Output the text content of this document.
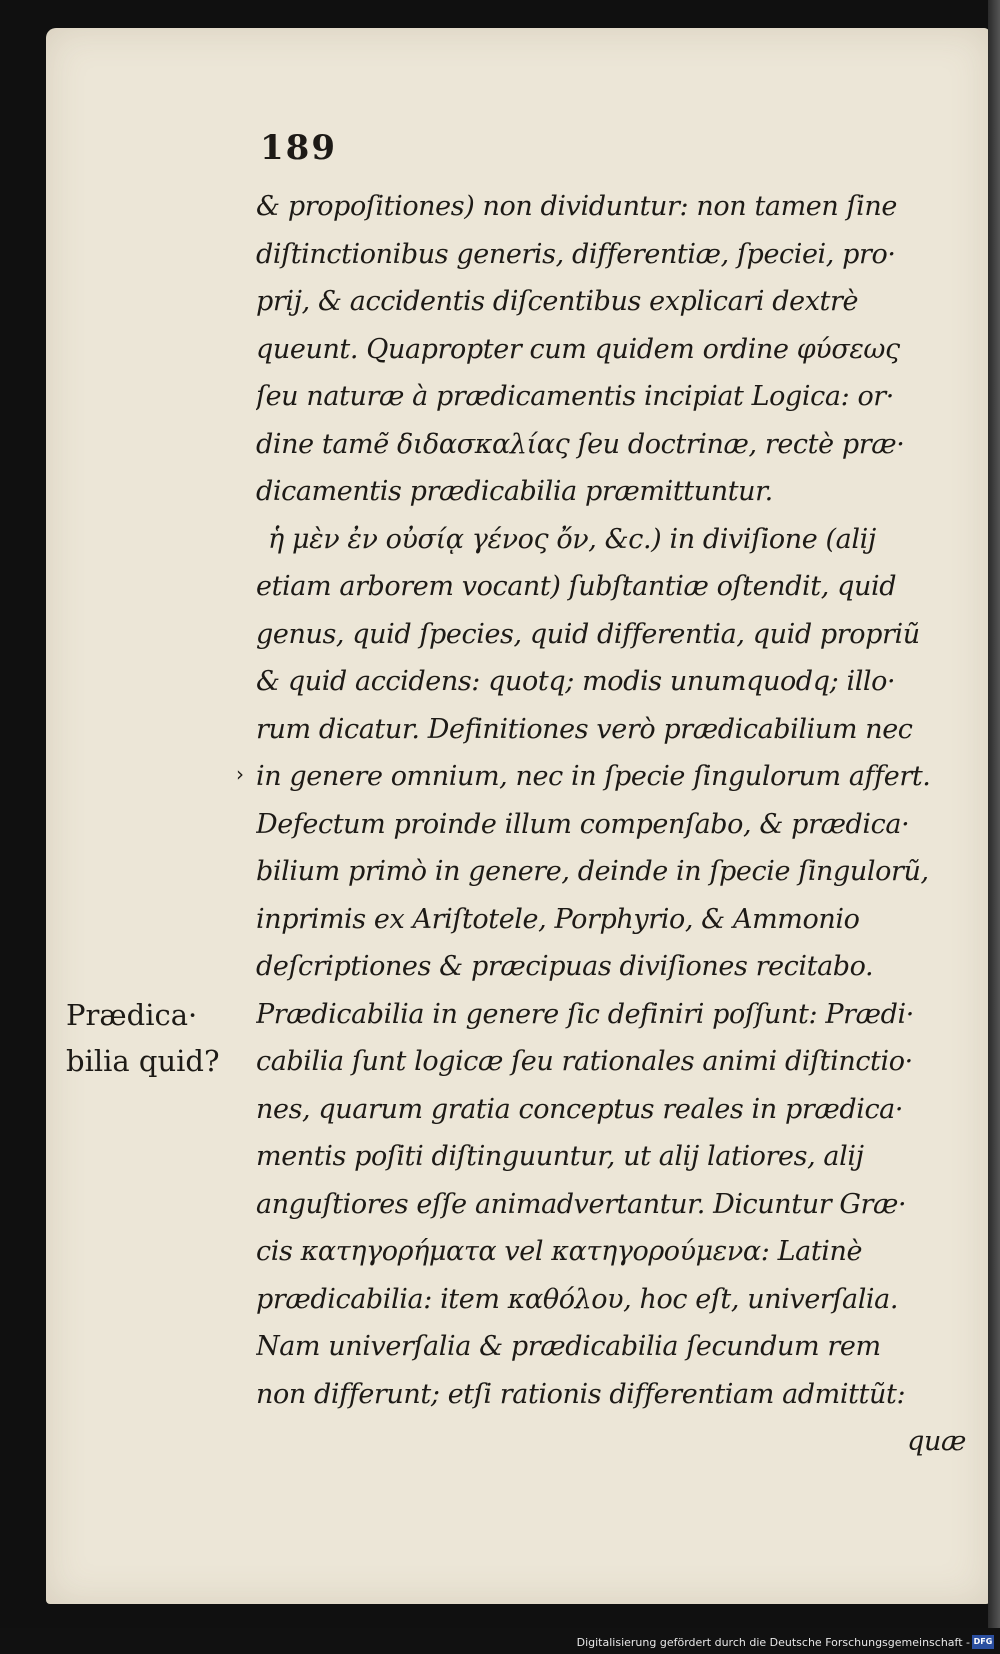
189
& propoſitiones) non dividuntur: non tamen ſine
diſtinctionibus generis, differentiæ, ſpeciei, pro·
prij, & accidentis diſcentibus explicari dextrè
queunt. Quapropter cum quidem ordine φύσεως
ſeu naturæ à prædicamentis incipiat Logica: or·
dine tamẽ διδασκαλίας ſeu doctrinæ, rectè præ·
dicamentis prædicabilia præmittuntur.
ἡ μὲν ἐν οὐσίᾳ γένος ὄν, &c.) in diviſione (alij
etiam arborem vocant) ſubſtantiæ oſtendit, quid
genus, quid ſpecies, quid differentia, quid propriũ
& quid accidens: quotq; modis unumquodq; illo·
rum dicatur. Definitiones verò prædicabilium nec
in genere omnium, nec in ſpecie ſingulorum affert.
Defectum proinde illum compenſabo, & prædica·
bilium primò in genere, deinde in ſpecie ſingulorũ,
inprimis ex Ariſtotele, Porphyrio, & Ammonio
deſcriptiones & præcipuas diviſiones recitabo.
Prædicabilia in genere ſic definiri poſſunt: Prædi·
cabilia ſunt logicæ ſeu rationales animi diſtinctio·
nes, quarum gratia conceptus reales in prædica·
mentis poſiti diſtinguuntur, ut alij latiores, alij
anguſtiores eſſe animadvertantur. Dicuntur Græ·
cis κατηγορήματα vel κατηγορούμενα: Latinè
prædicabilia: item καθόλου, hoc eſt, univerſalia.
Nam univerſalia & prædicabilia ſecundum rem
non differunt; etſi rationis differentiam admittũt:
quæ
›
Prædica·
bilia quid?
Digitalisierung gefördert durch die Deutsche Forschungsgemeinschaft - DFG
